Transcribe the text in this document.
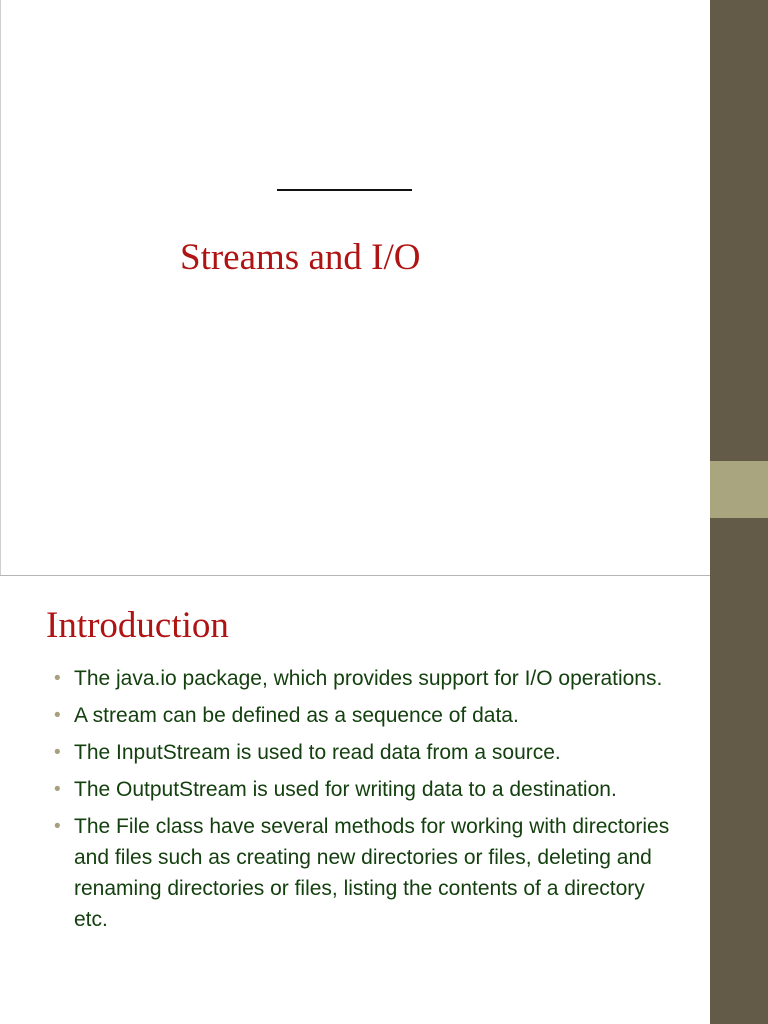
Streams and I/O
Introduction
• The java.io package, which provides support for I/O operations.
• A stream can be defined as a sequence of data.
• The InputStream is used to read data from a source.
• The OutputStream is used for writing data to a destination.
• The File class have several methods for working with directories and files such as creating new directories or files, deleting and renaming directories or files, listing the contents of a directory etc.
